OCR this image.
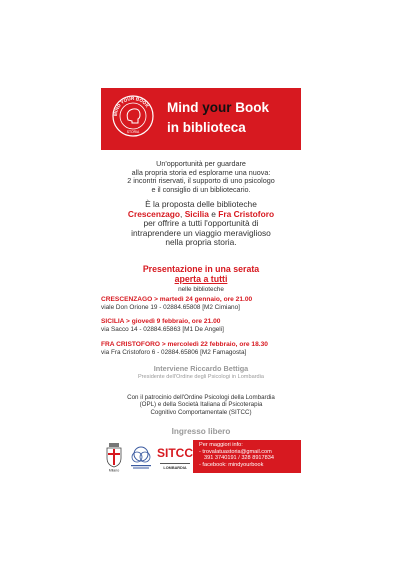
MIND YOUR BOOK
STORIA
Mind your Book
in biblioteca
Un'opportunità per guardare
alla propria storia ed esplorarne una nuova:
2 incontri riservati, il supporto di uno psicologo
e il consiglio di un bibliotecario.
È la proposta delle biblioteche
Crescenzago, Sicilia e Fra Cristoforo
per offrire a tutti l'opportunità di
intraprendere un viaggio meraviglioso
nella propria storia.
Presentazione in una serata
aperta a tutti
nelle biblioteche
CRESCENZAGO > martedì 24 gennaio, ore 21.00
viale Don Orione 19 - 02884.65808 [M2 Cimiano]
SICILIA > giovedì 9 febbraio, ore 21.00
via Sacco 14 - 02884.65863 [M1 De Angeli]
FRA CRISTOFORO > mercoledì 22 febbraio, ore 18.30
via Fra Cristoforo 6 - 02884.65806 [M2 Famagosta]
Interviene Riccardo Bettiga
Presidente dell'Ordine degli Psicologi in Lombardia
Con il patrocinio dell'Ordine Psicologi della Lombardia
(OPL) e della Società Italiana di Psicoterapia
Cognitivo Comportamentale (SITCC)
Ingresso libero
Milano
SITCC
LOMBARDIA
Per maggiori info:
- trovalatuastoria@gmail.com
391 3740191 / 328 8917834
- facebook: mindyourbook
